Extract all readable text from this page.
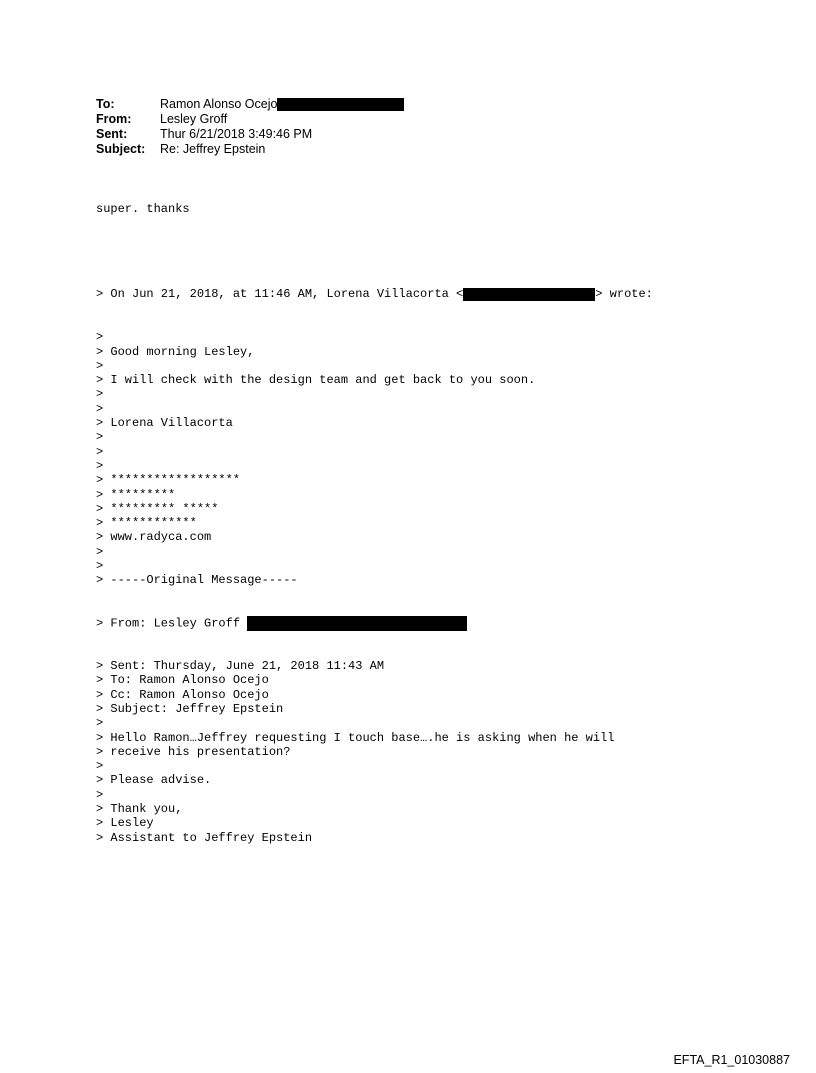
To:	Ramon Alonso Ocejo
From:	Lesley Groff
Sent:	Thur 6/21/2018 3:49:46 PM
Subject:	Re: Jeffrey Epstein

super. thanks

> On Jun 21, 2018, at 11:46 AM, Lorena Villacorta <	> wrote:

>
> Good morning Lesley,
>
> I will check with the design team and get back to you soon.
>
>
> Lorena Villacorta
>
>
>
> ******************
> *********
> ********* *****
> ************
> www.radyca.com
>
>
> -----Original Message-----

> From: Lesley Groff

> Sent: Thursday, June 21, 2018 11:43 AM
> To: Ramon Alonso Ocejo
> Cc: Ramon Alonso Ocejo
> Subject: Jeffrey Epstein
>
> Hello Ramon…Jeffrey requesting I touch base….he is asking when he will
> receive his presentation?
>
> Please advise.
>
> Thank you,
> Lesley
> Assistant to Jeffrey Epstein

EFTA_R1_01030887
